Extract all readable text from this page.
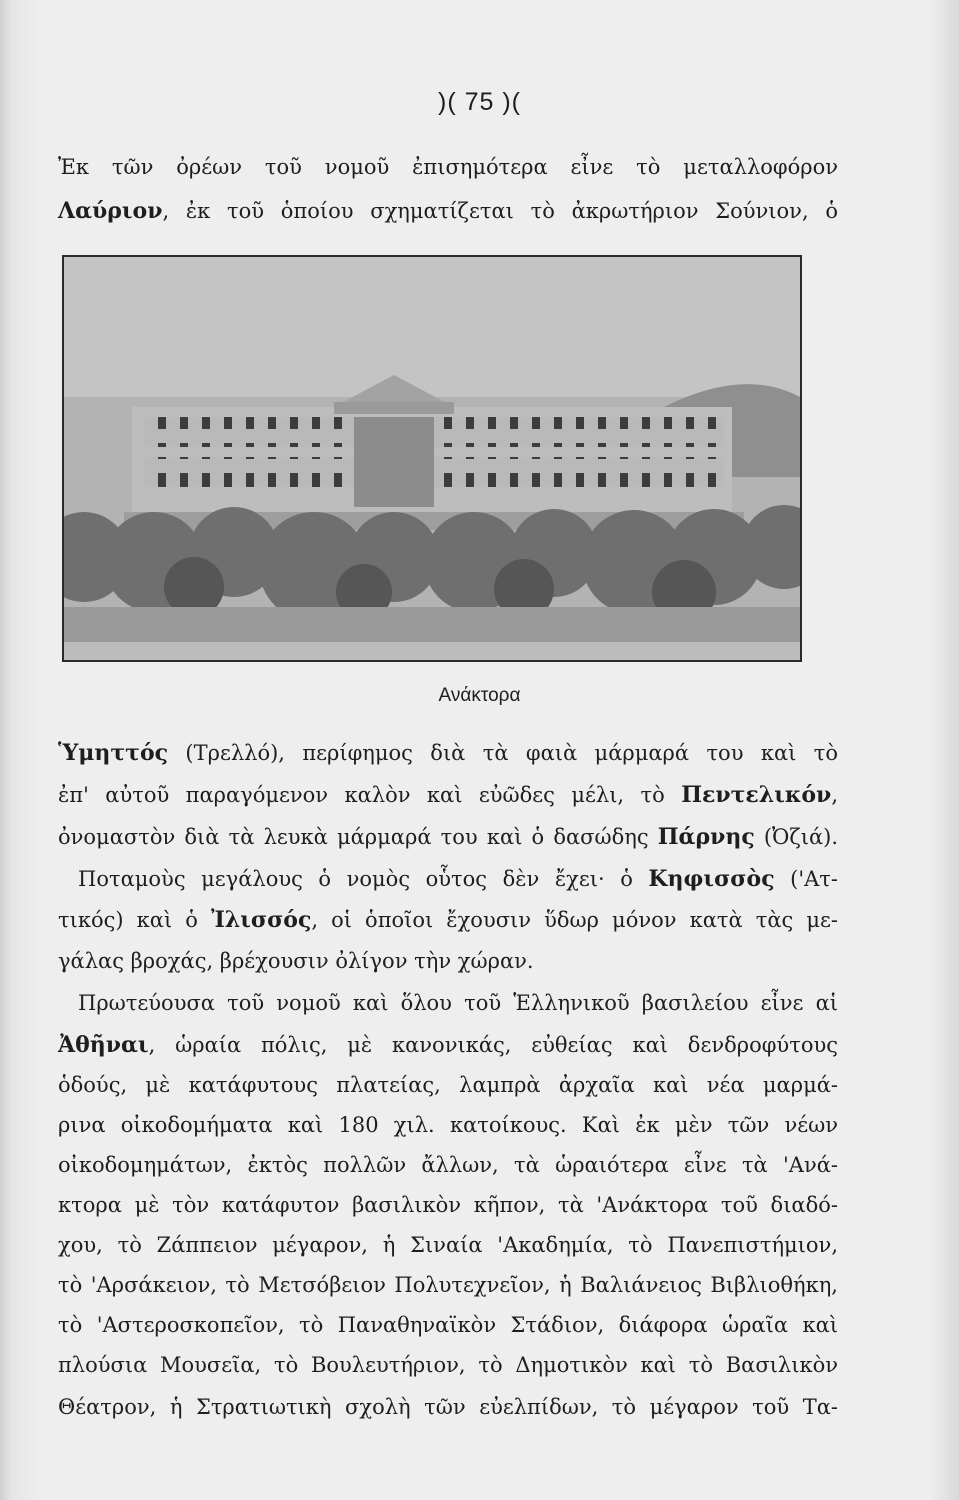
)( 75 )(
Ἐκ τῶν ὀρέων τοῦ νομοῦ ἐπισημότερα εἶνε τὸ μεταλλοφόρον
Λαύριον, ἐκ τοῦ ὁποίου σχηματίζεται τὸ ἀκρωτήριον Σούνιον, ὁ
Ανάκτορα
Ὑμηττός (Τρελλό), περίφημος διὰ τὰ φαιὰ μάρμαρά του καὶ τὸ
ἐπ' αὐτοῦ παραγόμενον καλὸν καὶ εὐῶδες μέλι, τὸ Πεντελικόν,
ὀνομαστὸν διὰ τὰ λευκὰ μάρμαρά του καὶ ὁ δασώδης Πάρνης (Ὀζιά).
Ποταμοὺς μεγάλους ὁ νομὸς οὗτος δὲν ἔχει· ὁ Κηφισσὸς ('Ατ-
τικός) καὶ ὁ Ἰλισσός, οἱ ὁποῖοι ἔχουσιν ὕδωρ μόνον κατὰ τὰς με-
γάλας βροχάς, βρέχουσιν ὀλίγον τὴν χώραν.
Πρωτεύουσα τοῦ νομοῦ καὶ ὅλου τοῦ Ἑλληνικοῦ βασιλείου εἶνε αἱ
Ἀθῆναι, ὡραία πόλις, μὲ κανονικάς, εὐθείας καὶ δενδροφύτους
ὁδούς, μὲ κατάφυτους πλατείας, λαμπρὰ ἀρχαῖα καὶ νέα μαρμά-
ρινα οἰκοδομήματα καὶ 180 χιλ. κατοίκους. Καὶ ἐκ μὲν τῶν νέων
οἰκοδομημάτων, ἐκτὸς πολλῶν ἄλλων, τὰ ὡραιότερα εἶνε τὰ 'Ανά-
κτορα μὲ τὸν κατάφυτον βασιλικὸν κῆπον, τὰ 'Ανάκτορα τοῦ διαδό-
χου, τὸ Ζάππειον μέγαρον, ἡ Σιναία 'Ακαδημία, τὸ Πανεπιστήμιον,
τὸ 'Αρσάκειον, τὸ Μετσόβειον Πολυτεχνεῖον, ἡ Βαλιάνειος Βιβλιοθήκη,
τὸ 'Αστεροσκοπεῖον, τὸ Παναθηναϊκὸν Στάδιον, διάφορα ὡραῖα καὶ
πλούσια Μουσεῖα, τὸ Βουλευτήριον, τὸ Δημοτικὸν καὶ τὸ Βασιλικὸν
Θέατρον, ἡ Στρατιωτικὴ σχολὴ τῶν εὐελπίδων, τὸ μέγαρον τοῦ Τα-
